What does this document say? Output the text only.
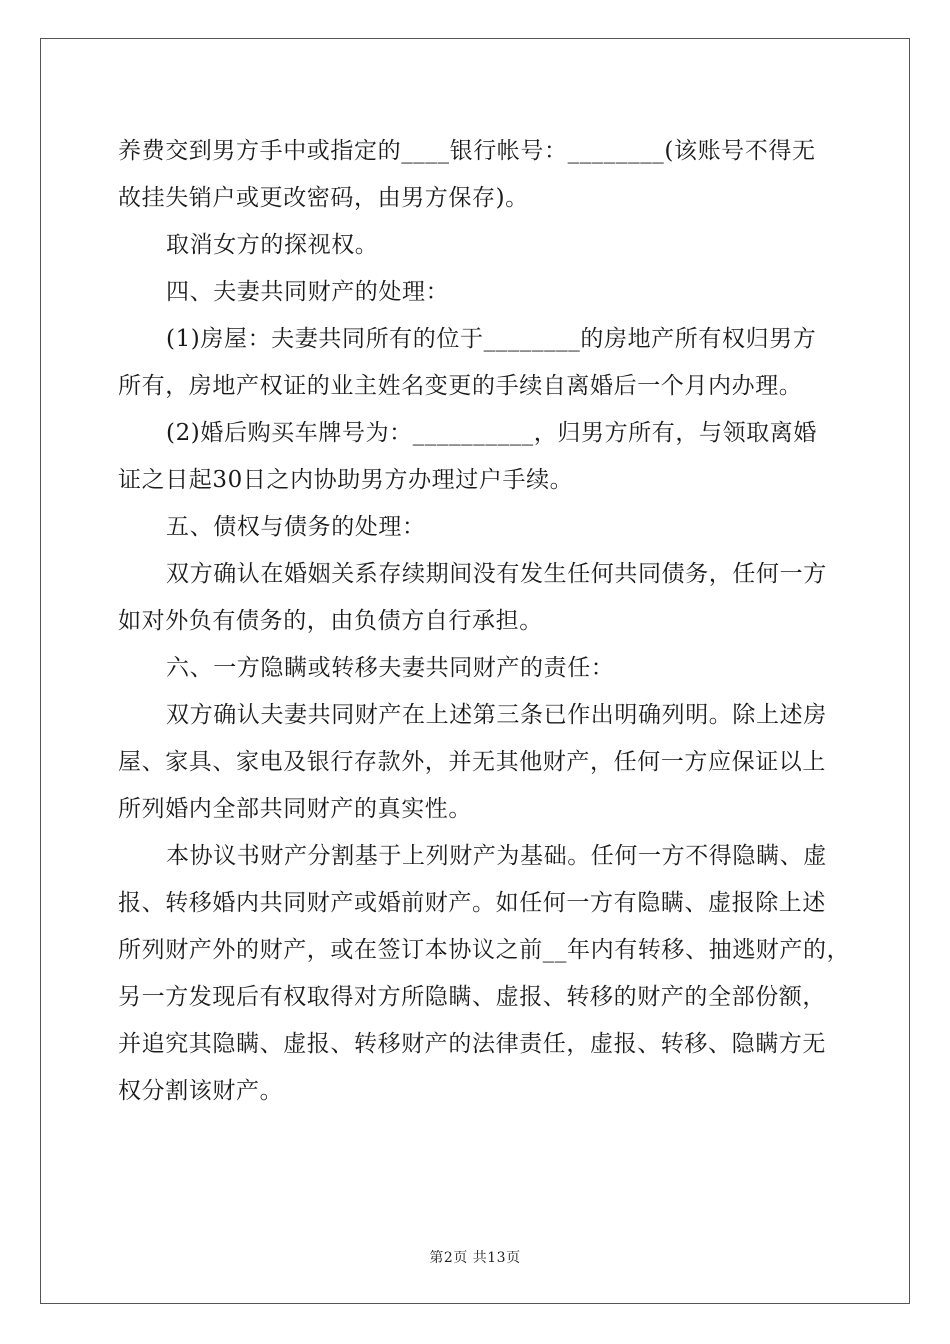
养费交到男方手中或指定的____银行帐号：________(该账号不得无
故挂失销户或更改密码，由男方保存)。
取消女方的探视权。
四、夫妻共同财产的处理：
(1)房屋：夫妻共同所有的位于________的房地产所有权归男方
所有，房地产权证的业主姓名变更的手续自离婚后一个月内办理。
(2)婚后购买车牌号为：__________，归男方所有，与领取离婚
证之日起30日之内协助男方办理过户手续。
五、债权与债务的处理：
双方确认在婚姻关系存续期间没有发生任何共同债务，任何一方
如对外负有债务的，由负债方自行承担。
六、一方隐瞒或转移夫妻共同财产的责任：
双方确认夫妻共同财产在上述第三条已作出明确列明。除上述房
屋、家具、家电及银行存款外，并无其他财产，任何一方应保证以上
所列婚内全部共同财产的真实性。
本协议书财产分割基于上列财产为基础。任何一方不得隐瞒、虚
报、转移婚内共同财产或婚前财产。如任何一方有隐瞒、虚报除上述
所列财产外的财产，或在签订本协议之前__年内有转移、抽逃财产的，
另一方发现后有权取得对方所隐瞒、虚报、转移的财产的全部份额，
并追究其隐瞒、虚报、转移财产的法律责任，虚报、转移、隐瞒方无
权分割该财产。
第2页 共13页
